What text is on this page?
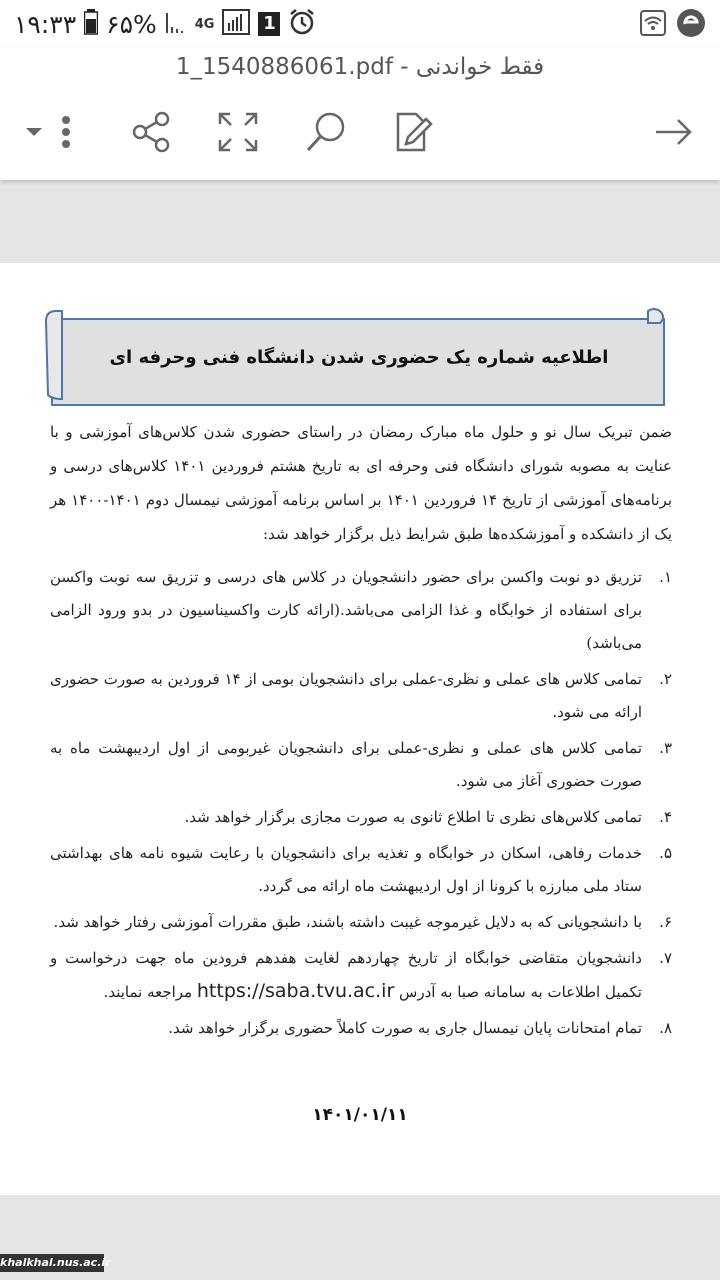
۱۹:۳۳ ۶۵%	4G	1
1_1540886061.pdf - فقط خواندنی
اطلاعیه شماره یک حضوری شدن دانشگاه فنی وحرفه ای
ضمن تبریک سال نو و حلول ماه مبارک رمضان در راستای حضوری شدن کلاس‌های آموزشی و با عنایت به مصوبه شورای دانشگاه فنی وحرفه ای به تاریخ هشتم فروردین ۱۴۰۱ کلاس‌های درسی و برنامه‌های آموزشی از تاریخ ۱۴ فروردین ۱۴۰۱ بر اساس برنامه آموزشی نیمسال دوم ۱۴۰۱-۱۴۰۰ هر یک از دانشکده و آموزشکده‌ها طبق شرایط ذیل برگزار خواهد شد:
۱.
تزریق دو نوبت واکسن برای حضور دانشجویان در کلاس های درسی و تزریق سه نوبت واکسن برای استفاده از خوابگاه و غذا الزامی می‌باشد.(ارائه کارت واکسیناسیون در بدو ورود الزامی می‌باشد)
۲.
تمامی کلاس های عملی و نظری-عملی برای دانشجویان بومی از ۱۴ فروردین به صورت حضوری ارائه می شود.
۳.
تمامی کلاس های عملی و نظری-عملی برای دانشجویان غیربومی از اول اردیبهشت ماه به صورت حضوری آغاز می شود.
۴.
تمامی کلاس‌های نظری تا اطلاع ثانوی به صورت مجازی برگزار خواهد شد.
۵.
خدمات رفاهی، اسکان در خوابگاه و تغذیه برای دانشجویان با رعایت شیوه نامه های بهداشتی ستاد ملی مبارزه با کرونا از اول اردیبهشت ماه ارائه می گردد.
۶.
با دانشجویانی که به دلایل غیرموجه غیبت داشته باشند، طبق مقررات آموزشی رفتار خواهد شد.
۷.
دانشجویان متقاضی خوابگاه از تاریخ چهاردهم لغایت هفدهم فرودین ماه جهت درخواست و تکمیل اطلاعات به سامانه صبا به آدرس https://saba.tvu.ac.ir مراجعه نمایند.
۸.
تمام امتحانات پایان نیمسال جاری به صورت کاملاً حضوری برگزار خواهد شد.
۱۴۰۱/۰۱/۱۱
khalkhal.nus.ac.ir
